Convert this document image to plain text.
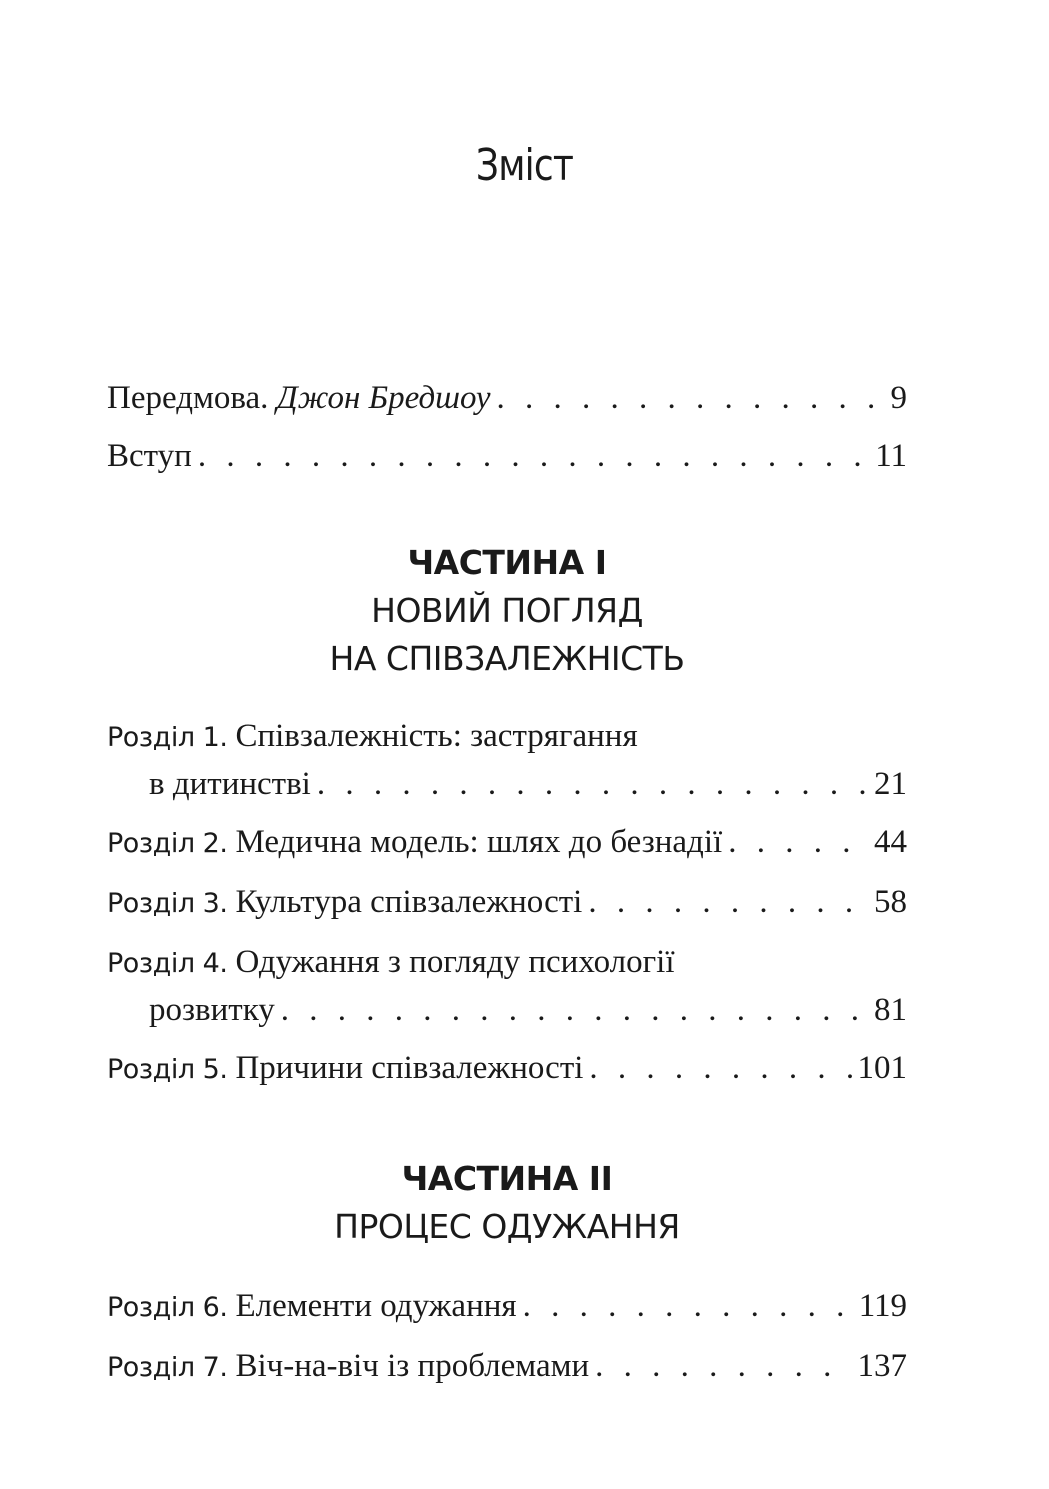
Зміст
Передмова. Джон Бредшоу . . .	9
Вступ . . .	11
ЧАСТИНА І
НОВИЙ ПОГЛЯД
НА СПІВЗАЛЕЖНІСТЬ
Розділ 1. Співзалежність: застрягання
в дитинстві . . .	21
Розділ 2. Медична модель: шлях до безнадії . . .	44
Розділ 3. Культура співзалежності . . .	58
Розділ 4. Одужання з погляду психології
розвитку . . .	81
Розділ 5. Причини співзалежності . . .	101
ЧАСТИНА ІІ
ПРОЦЕС ОДУЖАННЯ
Розділ 6. Елементи одужання . . .	119
Розділ 7. Віч-на-віч із проблемами . . .	137
